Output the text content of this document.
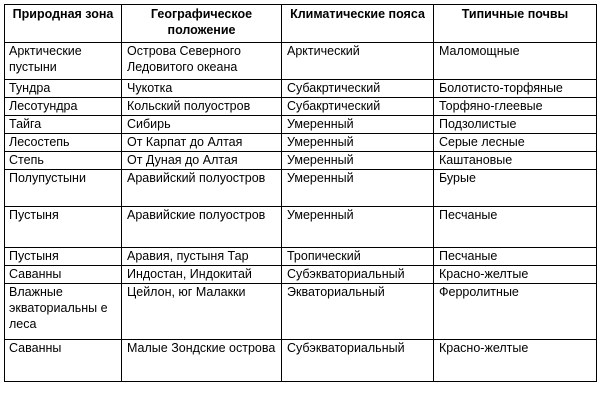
Природная зона	Географическое положение	Климатические пояса	Типичные почвы
Арктические пустыни	Острова Северного Ледовитого океана	Арктический	Маломощные
Тундра	Чукотка	Субакртический	Болотисто-торфяные
Лесотундра	Кольский полуостров	Субакртический	Торфяно-глеевые
Тайга	Сибирь	Умеренный	Подзолистые
Лесостепь	От Карпат до Алтая	Умеренный	Серые лесные
Степь	От Дуная до Алтая	Умеренный	Каштановые
Полупустыни	Аравийский полуостров	Умеренный	Бурые
Пустыня	Аравийские полуостров	Умеренный	Песчаные
Пустыня	Аравия, пустыня Тар	Тропический	Песчаные
Саванны	Индостан, Индокитай	Субэкваториальный	Красно-желтые
Влажные экваториальны е леса	Цейлон, юг Малакки	Экваториальный	Ферролитные
Саванны	Малые Зондские острова	Субэкваториальный	Красно-желтые
